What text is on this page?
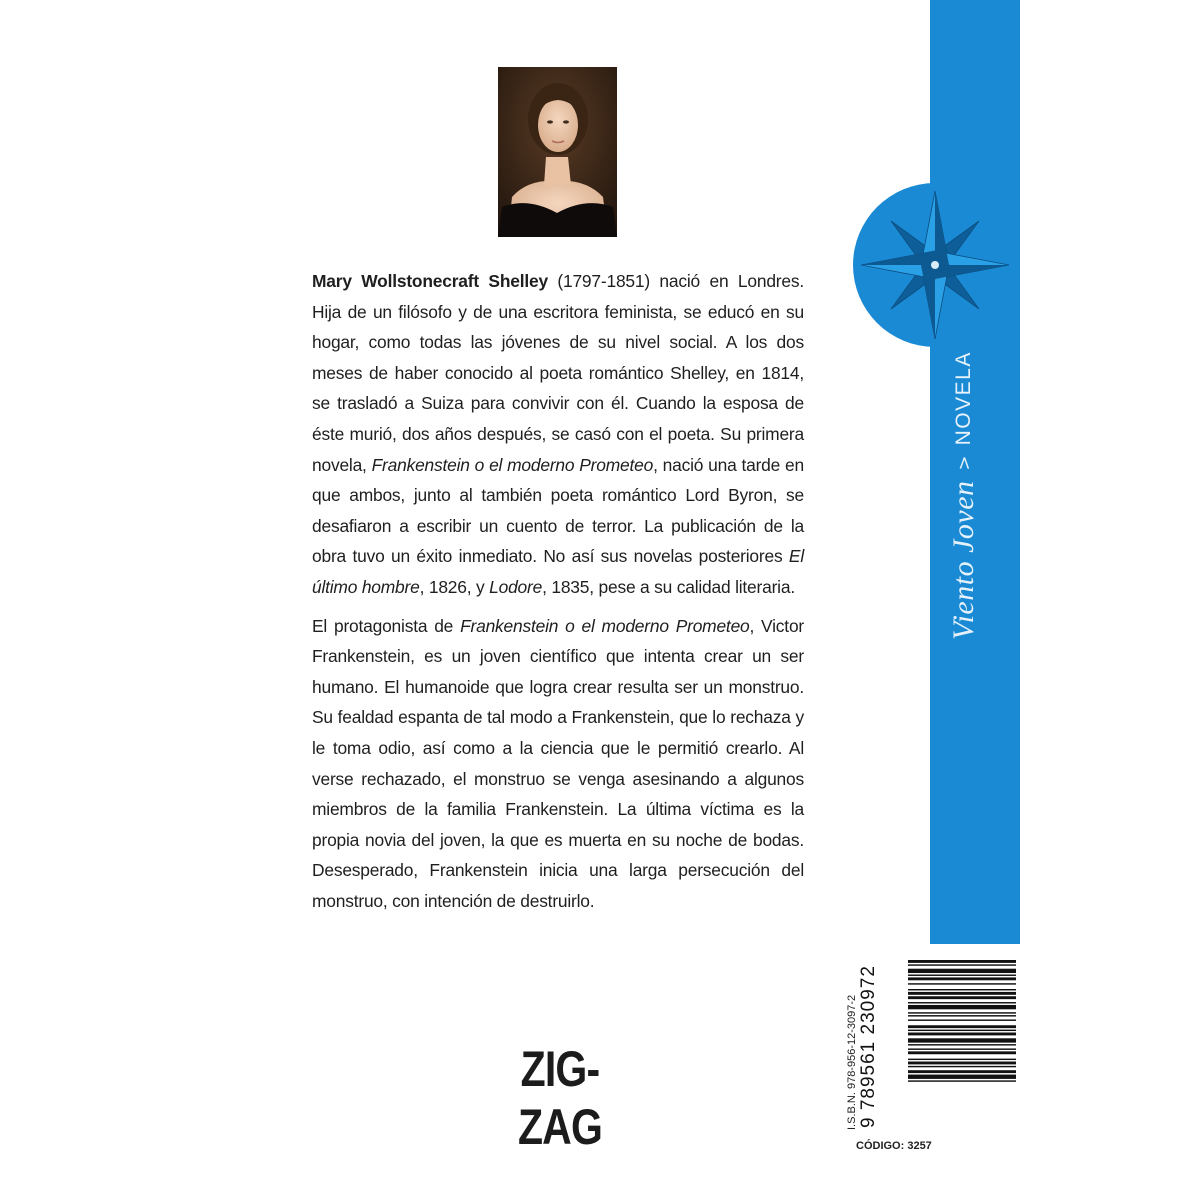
Mary Wollstonecraft Shelley (1797-1851) nació en Londres. Hija de un filósofo y de una escritora feminista, se educó en su hogar, como todas las jóvenes de su nivel social. A los dos meses de haber conocido al poeta romántico Shelley, en 1814, se trasladó a Suiza para convivir con él. Cuando la esposa de éste murió, dos años después, se casó con el poeta. Su primera novela, Frankenstein o el moderno Prometeo, nació una tarde en que ambos, junto al también poeta romántico Lord Byron, se desafiaron a escribir un cuento de terror. La publicación de la obra tuvo un éxito inmediato. No así sus novelas posteriores El último hombre, 1826, y Lodore, 1835, pese a su calidad literaria.

El protagonista de Frankenstein o el moderno Prometeo, Victor Frankenstein, es un joven científico que intenta crear un ser humano. El humanoide que logra crear resulta ser un monstruo. Su fealdad espanta de tal modo a Frankenstein, que lo rechaza y le toma odio, así como a la ciencia que le permitió crearlo. Al verse rechazado, el monstruo se venga asesinando a algunos miembros de la familia Frankenstein. La última víctima es la propia novia del joven, la que es muerta en su noche de bodas. Desesperado, Frankenstein inicia una larga persecución del monstruo, con intención de destruirlo.

ZIG-ZAG
Viento Joven
>
NOVELA
I.S.B.N. 978-956-12-3097-2 9 789561 230972
CÓDIGO: 3257
